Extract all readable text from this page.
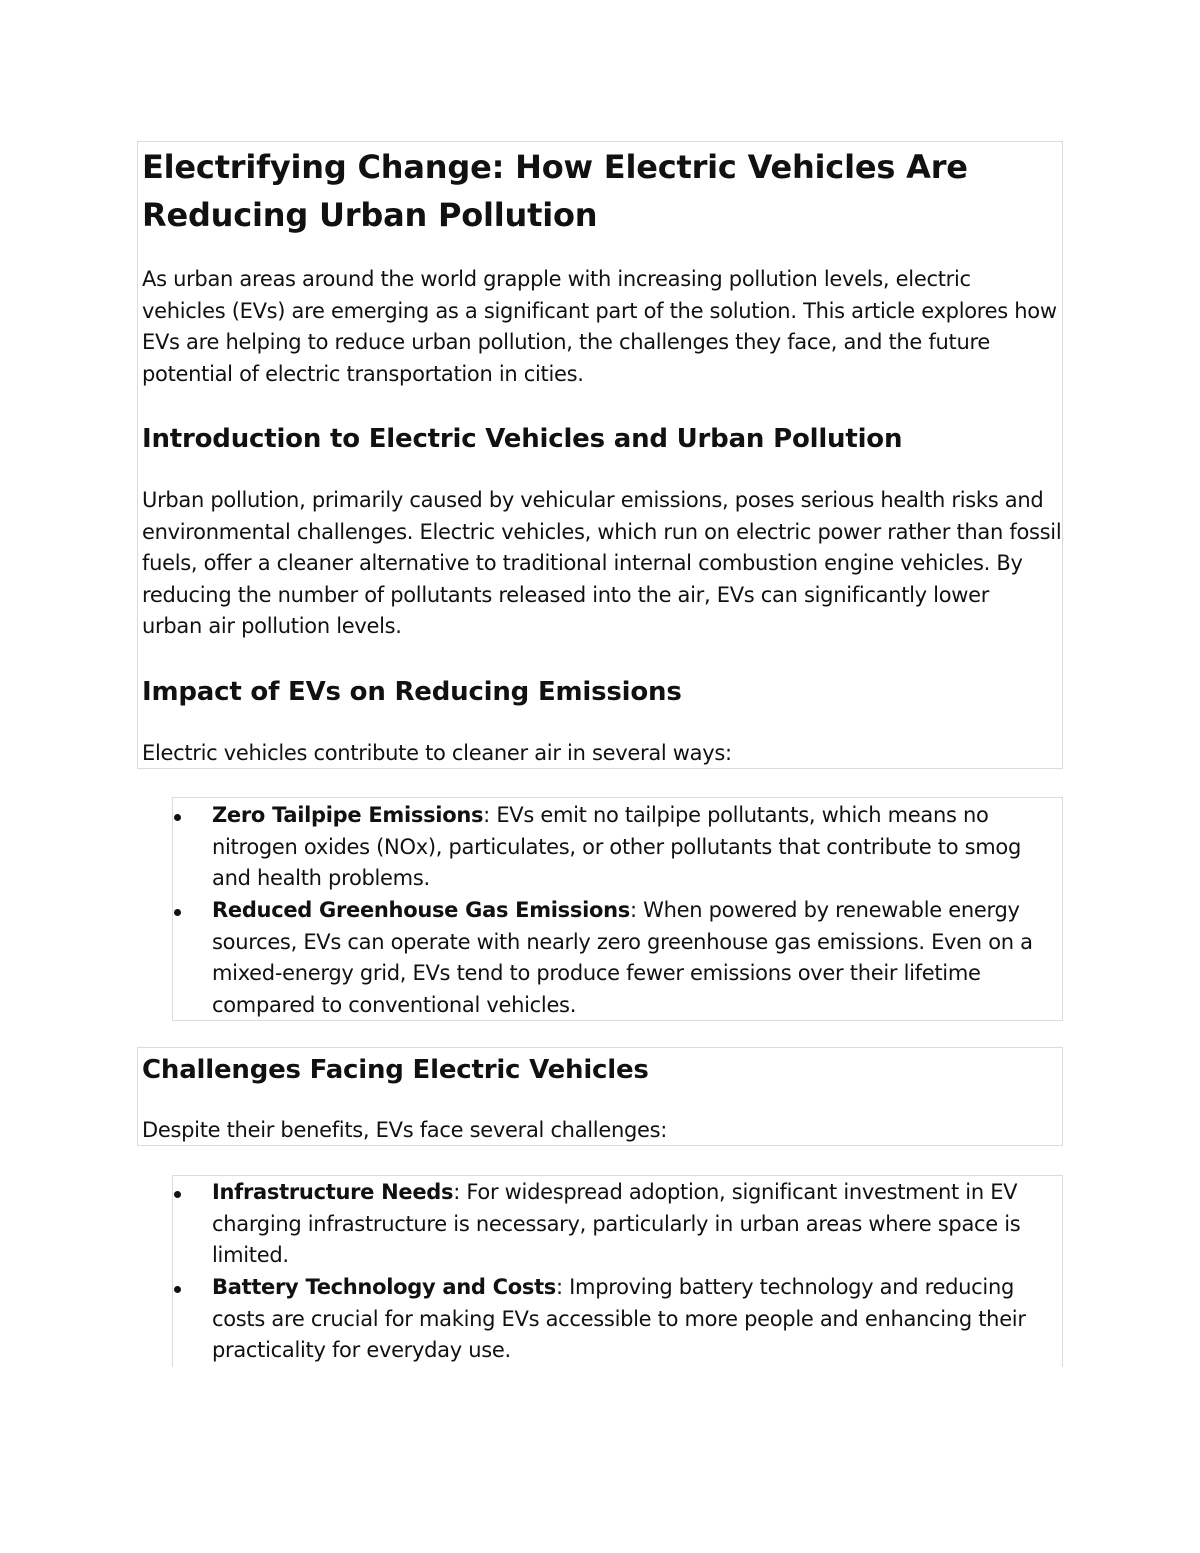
Electrifying Change: How Electric Vehicles Are
Reducing Urban Pollution

As urban areas around the world grapple with increasing pollution levels, electric
vehicles (EVs) are emerging as a significant part of the solution. This article explores how
EVs are helping to reduce urban pollution, the challenges they face, and the future
potential of electric transportation in cities.

Introduction to Electric Vehicles and Urban Pollution

Urban pollution, primarily caused by vehicular emissions, poses serious health risks and
environmental challenges. Electric vehicles, which run on electric power rather than fossil
fuels, offer a cleaner alternative to traditional internal combustion engine vehicles. By
reducing the number of pollutants released into the air, EVs can significantly lower
urban air pollution levels.

Impact of EVs on Reducing Emissions

Electric vehicles contribute to cleaner air in several ways:

Zero Tailpipe Emissions: EVs emit no tailpipe pollutants, which means no
nitrogen oxides (NOx), particulates, or other pollutants that contribute to smog
and health problems.
Reduced Greenhouse Gas Emissions: When powered by renewable energy
sources, EVs can operate with nearly zero greenhouse gas emissions. Even on a
mixed-energy grid, EVs tend to produce fewer emissions over their lifetime
compared to conventional vehicles.
Challenges Facing Electric Vehicles

Despite their benefits, EVs face several challenges:

Infrastructure Needs: For widespread adoption, significant investment in EV
charging infrastructure is necessary, particularly in urban areas where space is
limited.
Battery Technology and Costs: Improving battery technology and reducing
costs are crucial for making EVs accessible to more people and enhancing their
practicality for everyday use.
